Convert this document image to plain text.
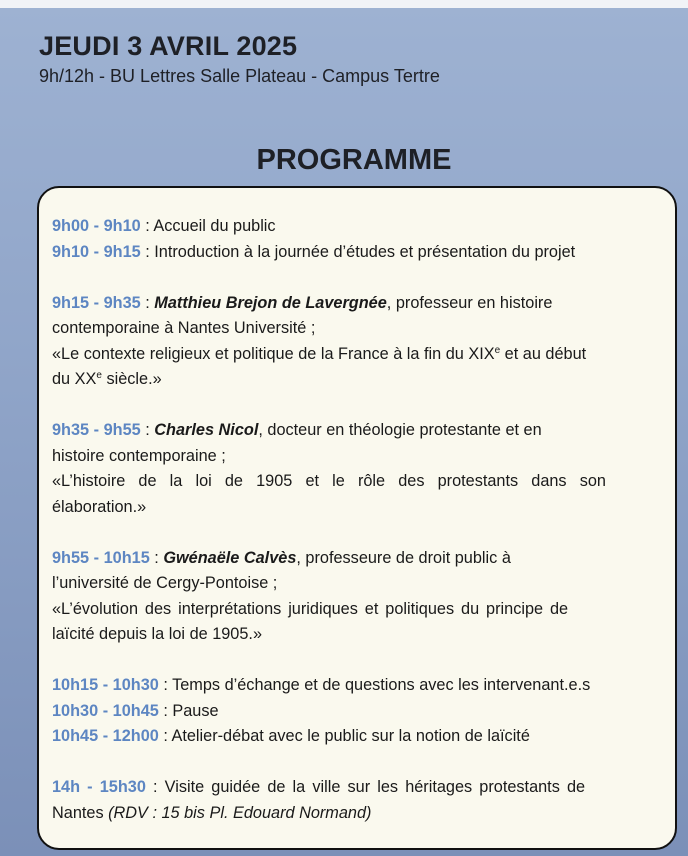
JEUDI 3 AVRIL 2025
9h/12h - BU Lettres Salle Plateau - Campus Tertre
PROGRAMME
9h00 - 9h10 : Accueil du public
9h10 - 9h15 : Introduction à la journée d’études et présentation du projet
9h15 - 9h35 : Matthieu Brejon de Lavergnée, professeur en histoire
contemporaine à Nantes Université ;
«Le contexte religieux et politique de la France à la fin du XIXe et au début
du XXe siècle.»
9h35 - 9h55 : Charles Nicol, docteur en théologie protestante et en
histoire contemporaine ;
«L’histoire de la loi de 1905 et le rôle des protestants dans son
élaboration.»
9h55 - 10h15 : Gwénaële Calvès, professeure de droit public à
l’université de Cergy-Pontoise ;
«L’évolution des interprétations juridiques et politiques du principe de
laïcité depuis la loi de 1905.»
10h15 - 10h30 : Temps d’échange et de questions avec les intervenant.e.s
10h30 - 10h45 : Pause
10h45 - 12h00 : Atelier-débat avec le public sur la notion de laïcité
14h - 15h30 : Visite guidée de la ville sur les héritages protestants de
Nantes (RDV : 15 bis Pl. Edouard Normand)
